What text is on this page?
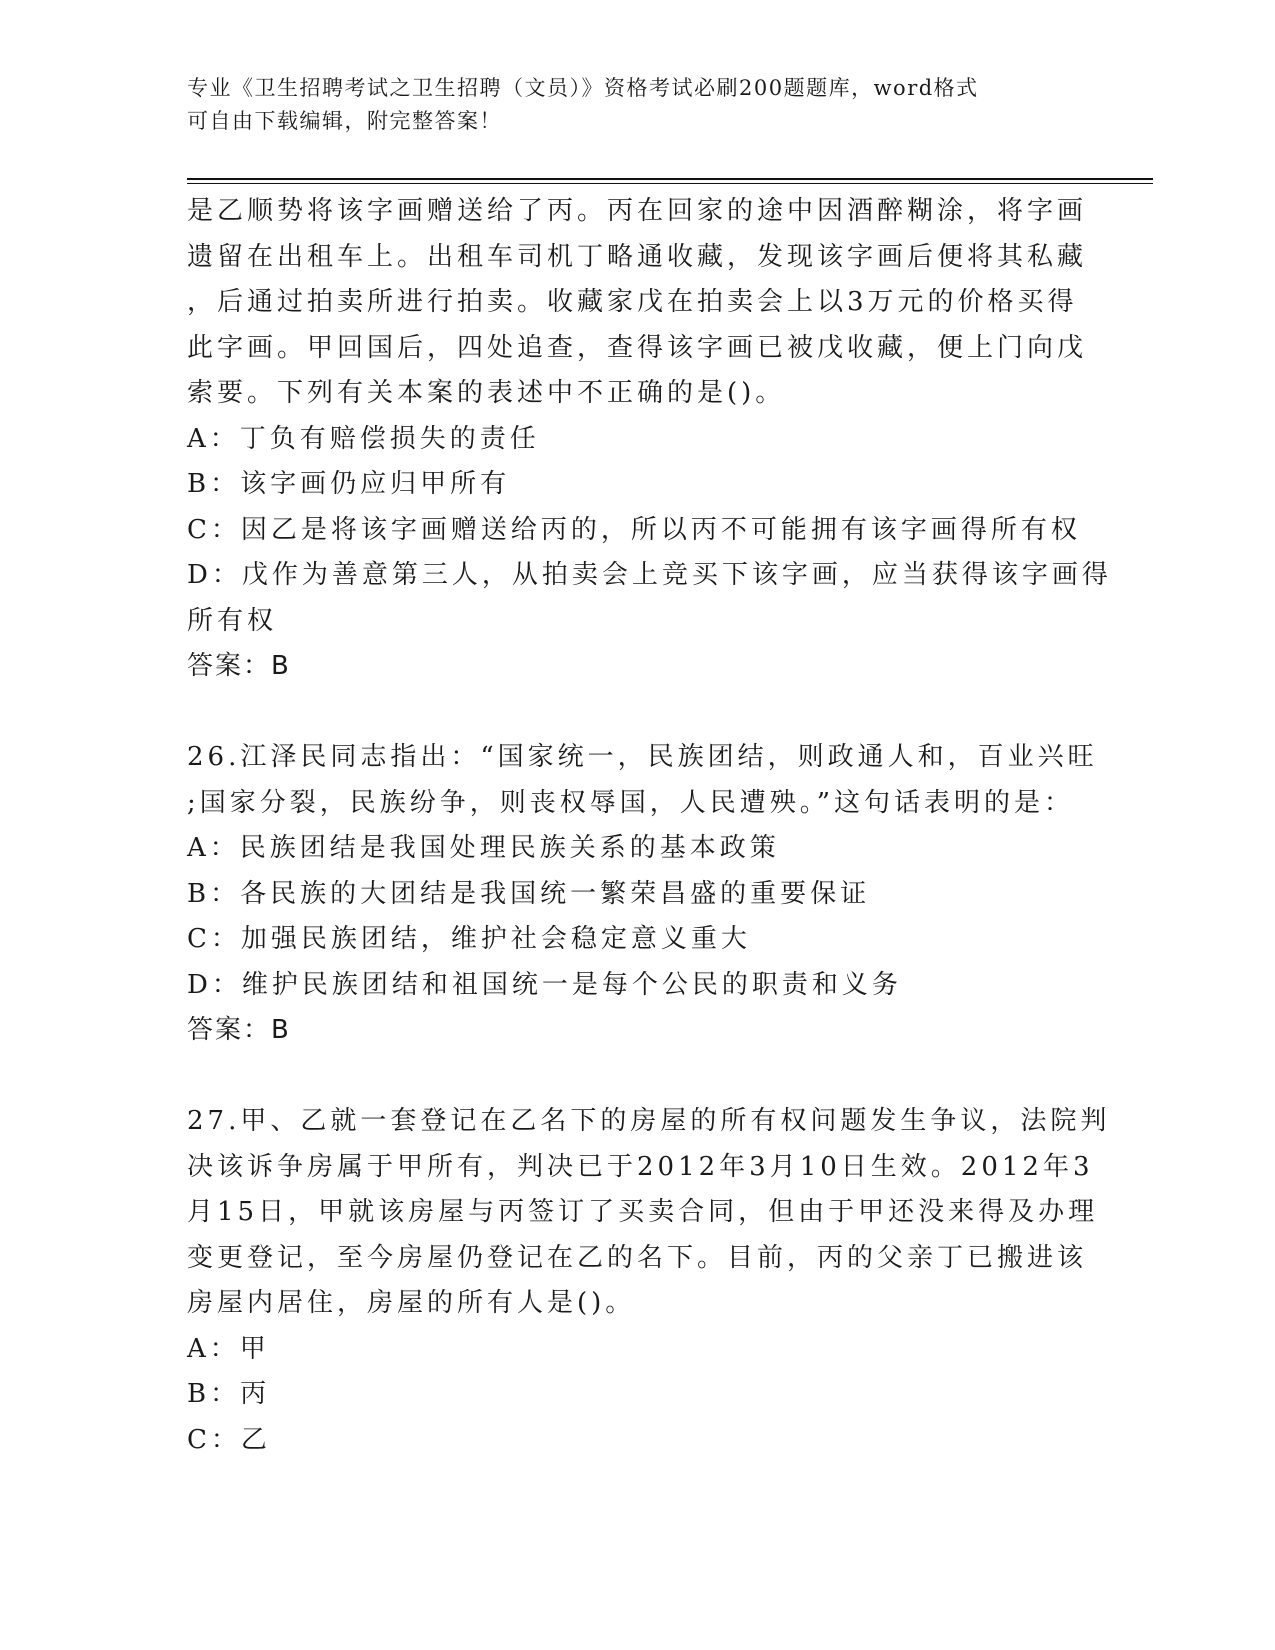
专业《卫生招聘考试之卫生招聘（文员）》资格考试必刷200题题库，word格式
可自由下载编辑，附完整答案！
是乙顺势将该字画赠送给了丙。丙在回家的途中因酒醉糊涂，将字画
遗留在出租车上。出租车司机丁略通收藏，发现该字画后便将其私藏
，后通过拍卖所进行拍卖。收藏家戊在拍卖会上以3万元的价格买得
此字画。甲回国后，四处追查，查得该字画已被戊收藏，便上门向戊
索要。下列有关本案的表述中不正确的是()。
A：丁负有赔偿损失的责任
B：该字画仍应归甲所有
C：因乙是将该字画赠送给丙的，所以丙不可能拥有该字画得所有权
D：戊作为善意第三人，从拍卖会上竞买下该字画，应当获得该字画得
所有权
答案：B
26.江泽民同志指出：“国家统一，民族团结，则政通人和，百业兴旺
;国家分裂，民族纷争，则丧权辱国，人民遭殃。”这句话表明的是：
A：民族团结是我国处理民族关系的基本政策
B：各民族的大团结是我国统一繁荣昌盛的重要保证
C：加强民族团结，维护社会稳定意义重大
D：维护民族团结和祖国统一是每个公民的职责和义务
答案：B
27.甲、乙就一套登记在乙名下的房屋的所有权问题发生争议，法院判
决该诉争房属于甲所有，判决已于2012年3月10日生效。2012年3
月15日，甲就该房屋与丙签订了买卖合同，但由于甲还没来得及办理
变更登记，至今房屋仍登记在乙的名下。目前，丙的父亲丁已搬进该
房屋内居住，房屋的所有人是()。
A：甲
B：丙
C：乙
